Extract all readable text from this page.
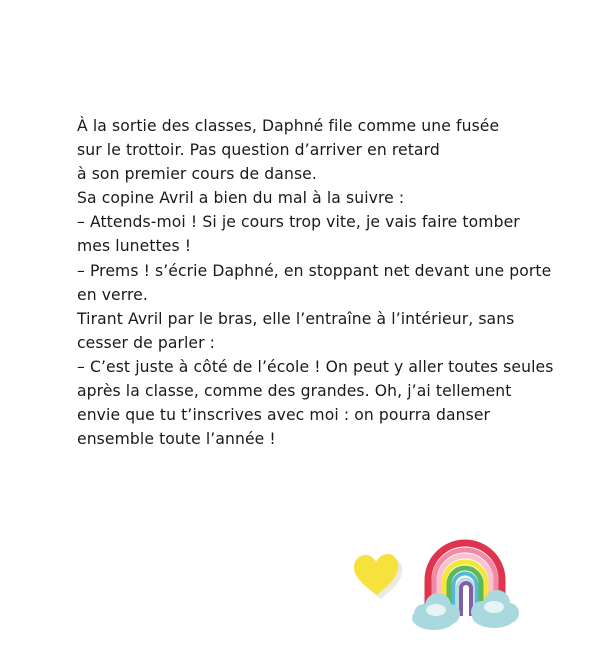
À la sortie des classes, Daphné file comme une fusée
sur le trottoir. Pas question d’arriver en retard
à son premier cours de danse.
Sa copine Avril a bien du mal à la suivre :
– Attends-moi ! Si je cours trop vite, je vais faire tomber
mes lunettes !
– Prems ! s’écrie Daphné, en stoppant net devant une porte
en verre.
Tirant Avril par le bras, elle l’entraîne à l’intérieur, sans
cesser de parler :
– C’est juste à côté de l’école ! On peut y aller toutes seules
après la classe, comme des grandes. Oh, j’ai tellement
envie que tu t’inscrives avec moi : on pourra danser
ensemble toute l’année !
